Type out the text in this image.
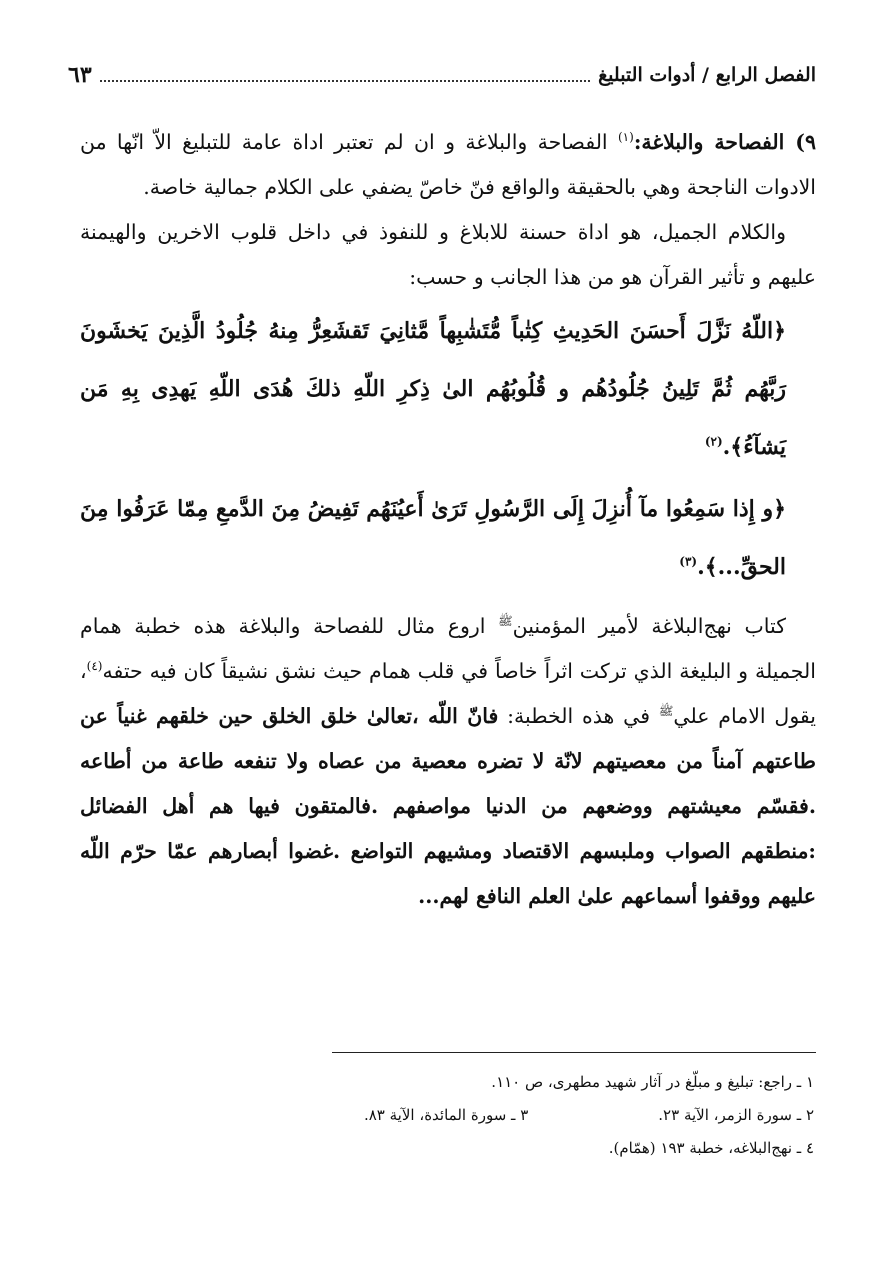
الفصل الرابع / أدوات التبليغ
٦٣

٩) الفصاحة والبلاغة:$^{(١)}$ الفصاحة والبلاغة و ان لم تعتبر اداة عامة للتبليغ الاّ انّها من الادوات الناجحة وهي بالحقيقة والواقع فنّ خاصّ يضفي على الكلام جمالية خاصة.

والكلام الجميل، هو اداة حسنة للابلاغ و للنفوذ في داخل قلوب الاخرين والهيمنة عليهم و تأثير القرآن هو من هذا الجانب و حسب:

﴿اللّهُ نَزَّلَ أَحسَنَ الحَدِيثِ كِتٰباً مُّتَشٰبِهاً مَّثانِيَ تَقشَعِرُّ مِنهُ جُلُودُ الَّذِينَ يَخشَونَ رَبَّهُم ثُمَّ تَلِينُ جُلُودُهُم و قُلُوبُهُم الیٰ ذِكرِ اللّهِ ذلكَ هُدَی اللّهِ يَهدِی بِهِ مَن يَشآءُ﴾.$^{(٢)}$

﴿و إِذا سَمِعُوا مآ أُنزِلَ إِلَى الرَّسُولِ تَرَیٰ أَعيُنَهُم تَفِيضُ مِنَ الدَّمعِ مِمّا عَرَفُوا مِنَ الحقِّ...﴾.$^{(٣)}$

كتاب نهج‌البلاغة لأمير المؤمنين$^ﷺ$ اروع مثال للفصاحة والبلاغة هذه خطبة همام الجميلة و البليغة الذي تركت اثراً خاصاً في قلب همام حيث نشق نشيقاً كان فيه حتفه$^{(٤)}$، يقول الامام علي$^ﷺ$ في هذه الخطبة: فانّ اللّه ،تعالیٰ خلق الخلق حين خلقهم غنياً عن طاعتهم آمناً من معصيتهم لانّة لا تضره معصية من عصاه ولا تنفعه طاعة من أطاعه .فقسّم معيشتهم ووضعهم من الدنيا مواصفهم .فالمتقون فيها هم أهل الفضائل :منطقهم الصواب وملبسهم الاقتصاد ومشيهم التواضع .غضوا أبصارهم عمّا حرّم اللّه عليهم ووقفوا أسماعهم علیٰ العلم النافع لهم...

١ ـ راجع: تبليغ و مبلّغ در آثار شهيد مطهری، ص ١١٠.
٢ ـ سورة الزمر، الآية ٢٣.
٣ ـ سورة المائدة، الآية ٨٣.
٤ ـ نهج‌البلاغه، خطبة ١٩٣ (همّام).
